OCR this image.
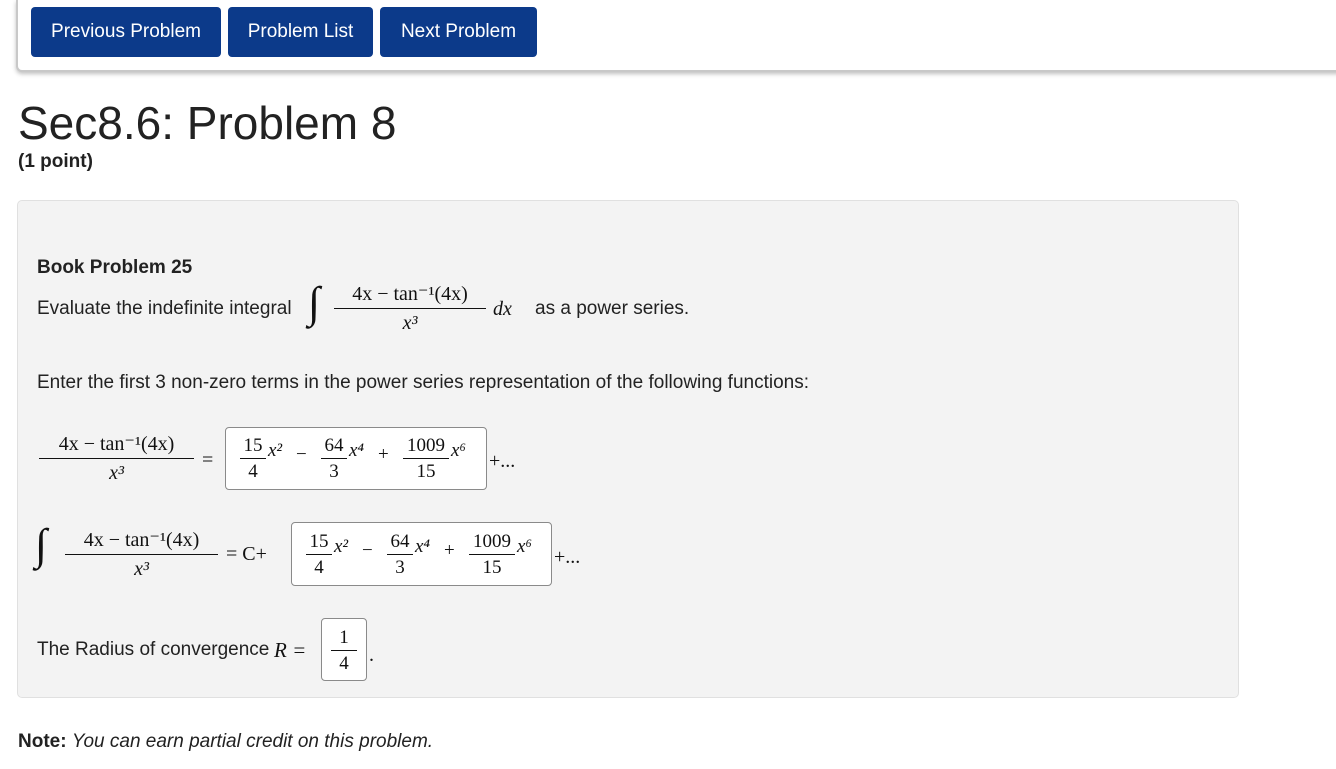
Previous Problem	Problem List	Next Problem
Sec8.6: Problem 8
(1 point)
Book Problem 25
Evaluate the indefinite integral ∫	4x − tan⁻¹(4x)
x³
dx as a power series.
Enter the first 3 non-zero terms in the power series representation of the following functions:
4x − tan⁻¹(4x)
x³
=
15
4
x² − 64
3
x⁴ + 1009
15
x⁶ +...
∫	4x − tan⁻¹(4x)
x³
= C+
15
4
x² − 64
3
x⁴ + 1009
15
x⁶ +...
The Radius of convergence R =
1
4	.
Note: You can earn partial credit on this problem.
